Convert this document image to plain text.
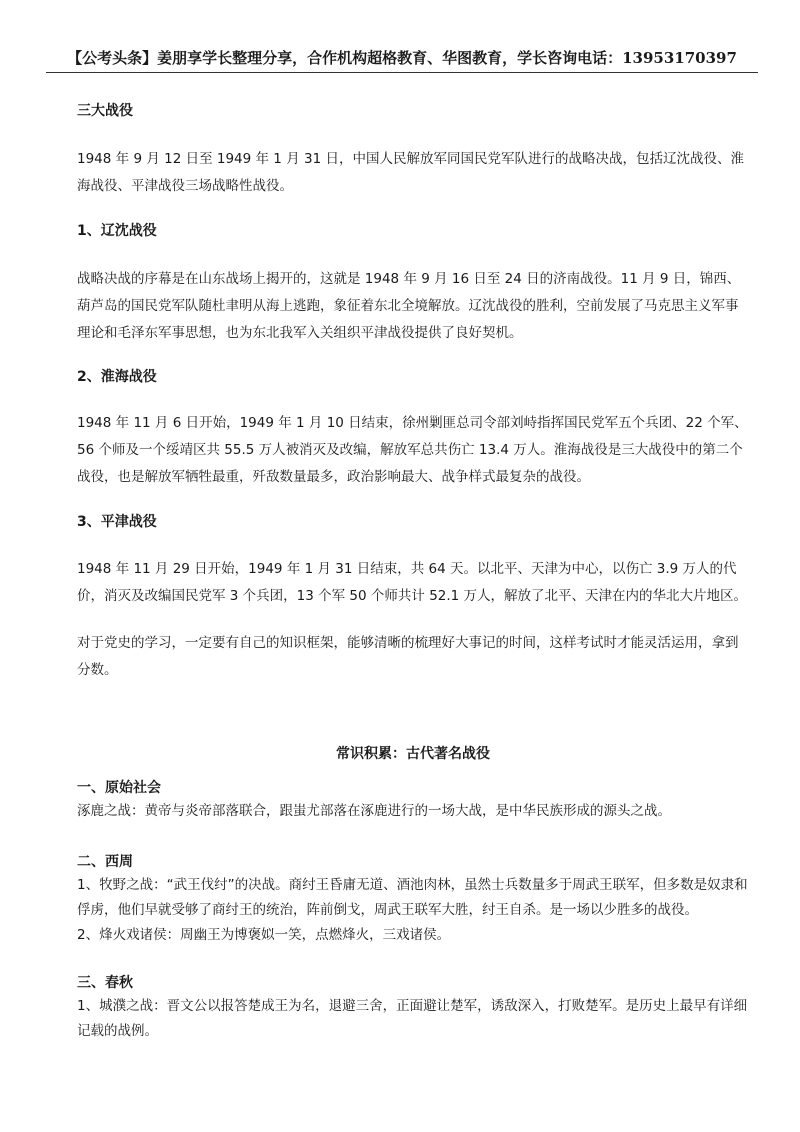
【公考头条】姜朋享学长整理分享，合作机构超格教育、华图教育，学长咨询电话：13953170397

三大战役

1948 年 9 月 12 日至 1949 年 1 月 31 日，中国人民解放军同国民党军队进行的战略决战，包括辽沈战役、淮海战役、平津战役三场战略性战役。

1、辽沈战役

战略决战的序幕是在山东战场上揭开的，这就是 1948 年 9 月 16 日至 24 日的济南战役。11 月 9 日，锦西、葫芦岛的国民党军队随杜聿明从海上逃跑，象征着东北全境解放。辽沈战役的胜利，空前发展了马克思主义军事理论和毛泽东军事思想，也为东北我军入关组织平津战役提供了良好契机。

2、淮海战役

1948 年 11 月 6 日开始，1949 年 1 月 10 日结束，徐州剿匪总司令部刘峙指挥国民党军五个兵团、22 个军、56 个师及一个绥靖区共 55.5 万人被消灭及改编，解放军总共伤亡 13.4 万人。淮海战役是三大战役中的第二个战役，也是解放军牺牲最重，歼敌数量最多，政治影响最大、战争样式最复杂的战役。

3、平津战役

1948 年 11 月 29 日开始，1949 年 1 月 31 日结束，共 64 天。以北平、天津为中心，以伤亡 3.9 万人的代价，消灭及改编国民党军 3 个兵团，13 个军 50 个师共计 52.1 万人，解放了北平、天津在内的华北大片地区。

对于党史的学习，一定要有自己的知识框架，能够清晰的梳理好大事记的时间，这样考试时才能灵活运用，拿到分数。

常识积累：古代著名战役

一、原始社会

涿鹿之战：黄帝与炎帝部落联合，跟蚩尤部落在涿鹿进行的一场大战，是中华民族形成的源头之战。

二、西周

1、牧野之战：“武王伐纣”的决战。商纣王昏庸无道、酒池肉林，虽然士兵数量多于周武王联军，但多数是奴隶和俘虏，他们早就受够了商纣王的统治，阵前倒戈，周武王联军大胜，纣王自杀。是一场以少胜多的战役。

2、烽火戏诸侯：周幽王为博褒姒一笑，点燃烽火，三戏诸侯。

三、春秋

1、城濮之战：晋文公以报答楚成王为名，退避三舍，正面避让楚军，诱敌深入，打败楚军。是历史上最早有详细记载的战例。
